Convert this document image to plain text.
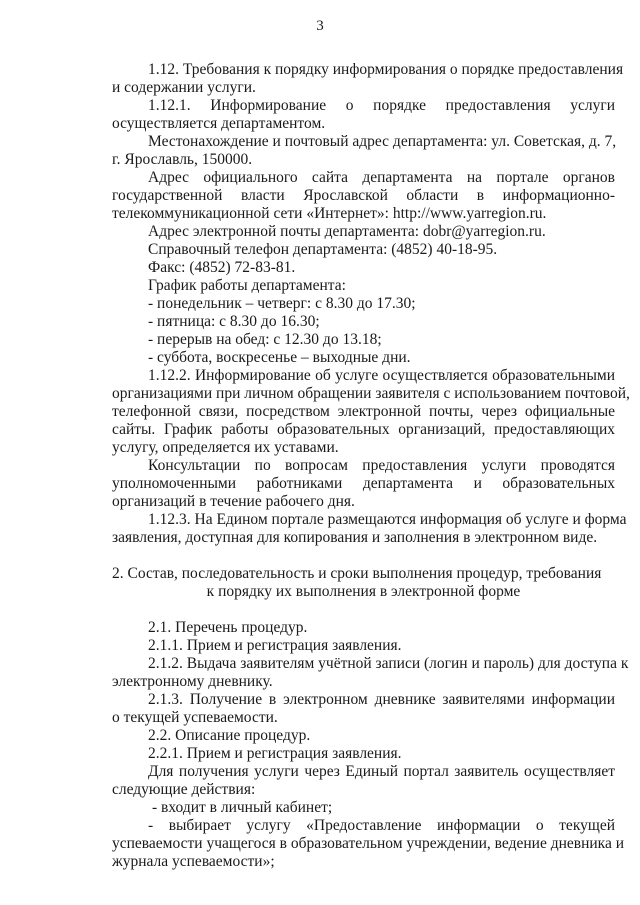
3
1.12. Требования к порядку информирования о порядке предоставления
и содержании услуги.
1.12.1. Информирование о порядке предоставления услуги
осуществляется департаментом.
Местонахождение и почтовый адрес департамента: ул. Советская, д. 7,
г. Ярославль, 150000.
Адрес официального сайта департамента на портале органов
государственной власти Ярославской области в информационно-
телекоммуникационной сети «Интернет»: http://www.yarregion.ru.
Адрес электронной почты департамента: dobr@yarregion.ru.
Справочный телефон департамента: (4852) 40-18-95.
Факс: (4852) 72-83-81.
График работы департамента:
- понедельник – четверг: с 8.30 до 17.30;
- пятница: с 8.30 до 16.30;
- перерыв на обед: с 12.30 до 13.18;
- суббота, воскресенье – выходные дни.
1.12.2. Информирование об услуге осуществляется образовательными
организациями при личном обращении заявителя с использованием почтовой,
телефонной связи, посредством электронной почты, через официальные
сайты. График работы образовательных организаций, предоставляющих
услугу, определяется их уставами.
Консультации по вопросам предоставления услуги проводятся
уполномоченными работниками департамента и образовательных
организаций в течение рабочего дня.
1.12.3. На Едином портале размещаются информация об услуге и форма
заявления, доступная для копирования и заполнения в электронном виде.
2. Состав, последовательность и сроки выполнения процедур, требования
к порядку их выполнения в электронной форме
2.1. Перечень процедур.
2.1.1. Прием и регистрация заявления.
2.1.2. Выдача заявителям учётной записи (логин и пароль) для доступа к
электронному дневнику.
2.1.3. Получение в электронном дневнике заявителями информации
о текущей успеваемости.
2.2. Описание процедур.
2.2.1. Прием и регистрация заявления.
Для получения услуги через Единый портал заявитель осуществляет
следующие действия:
- входит в личный кабинет;
- выбирает услугу «Предоставление информации о текущей
успеваемости учащегося в образовательном учреждении, ведение дневника и
журнала успеваемости»;
